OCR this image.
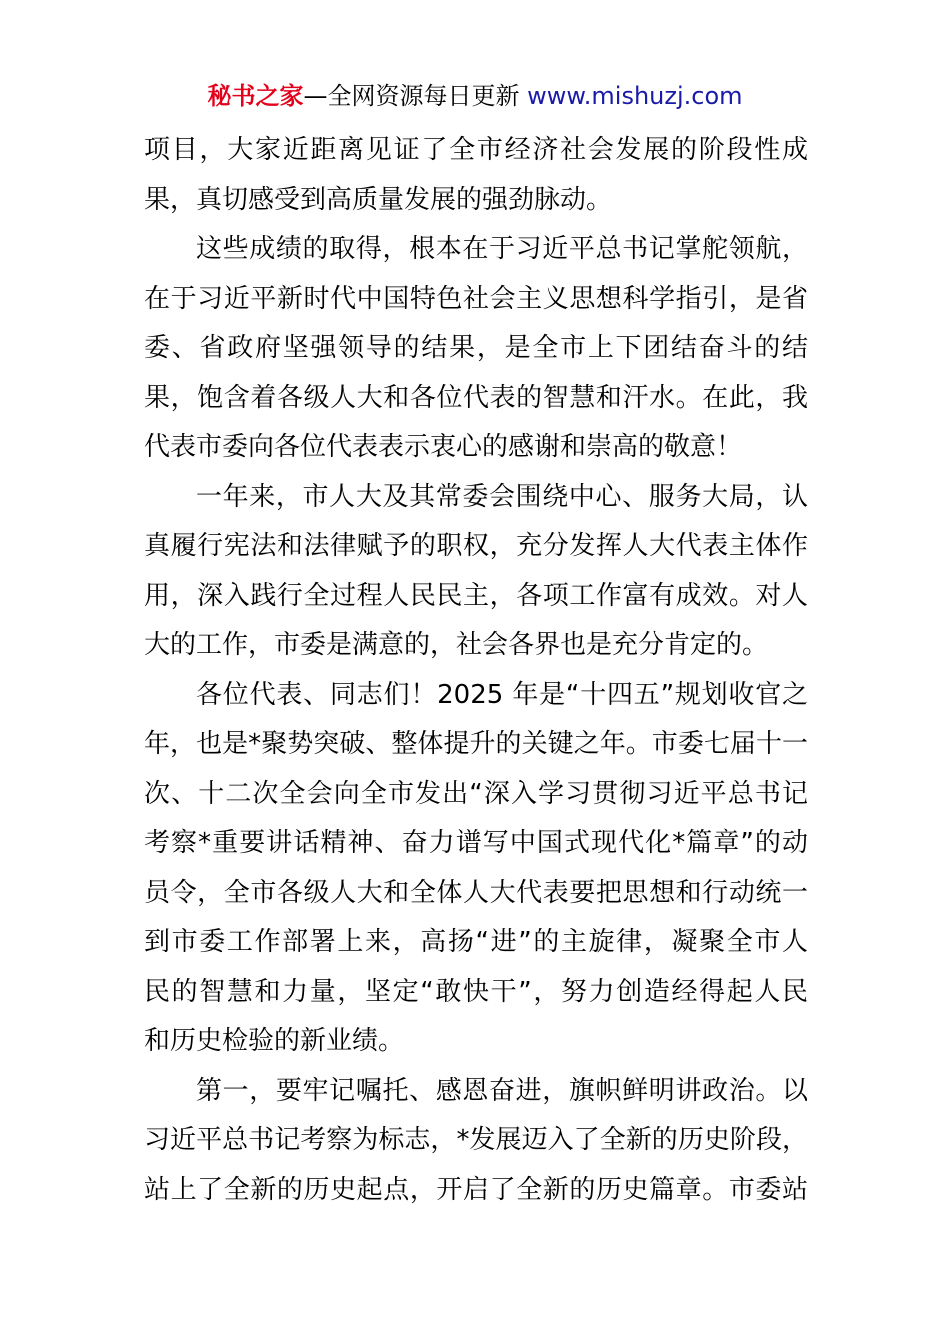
秘书之家—全网资源每日更新 www.mishuzj.com
项目，大家近距离见证了全市经济社会发展的阶段性成
果，真切感受到高质量发展的强劲脉动。
这些成绩的取得，根本在于习近平总书记掌舵领航，
在于习近平新时代中国特色社会主义思想科学指引，是省
委、省政府坚强领导的结果，是全市上下团结奋斗的结
果，饱含着各级人大和各位代表的智慧和汗水。在此，我
代表市委向各位代表表示衷心的感谢和崇高的敬意！
一年来，市人大及其常委会围绕中心、服务大局，认
真履行宪法和法律赋予的职权，充分发挥人大代表主体作
用，深入践行全过程人民民主，各项工作富有成效。对人
大的工作，市委是满意的，社会各界也是充分肯定的。
各位代表、同志们！2025 年是“十四五”规划收官之
年，也是*聚势突破、整体提升的关键之年。市委七届十一
次、十二次全会向全市发出“深入学习贯彻习近平总书记
考察*重要讲话精神、奋力谱写中国式现代化*篇章”的动
员令，全市各级人大和全体人大代表要把思想和行动统一
到市委工作部署上来，高扬“进”的主旋律，凝聚全市人
民的智慧和力量，坚定“敢快干”，努力创造经得起人民
和历史检验的新业绩。
第一，要牢记嘱托、感恩奋进，旗帜鲜明讲政治。以
习近平总书记考察为标志，*发展迈入了全新的历史阶段，
站上了全新的历史起点，开启了全新的历史篇章。市委站
